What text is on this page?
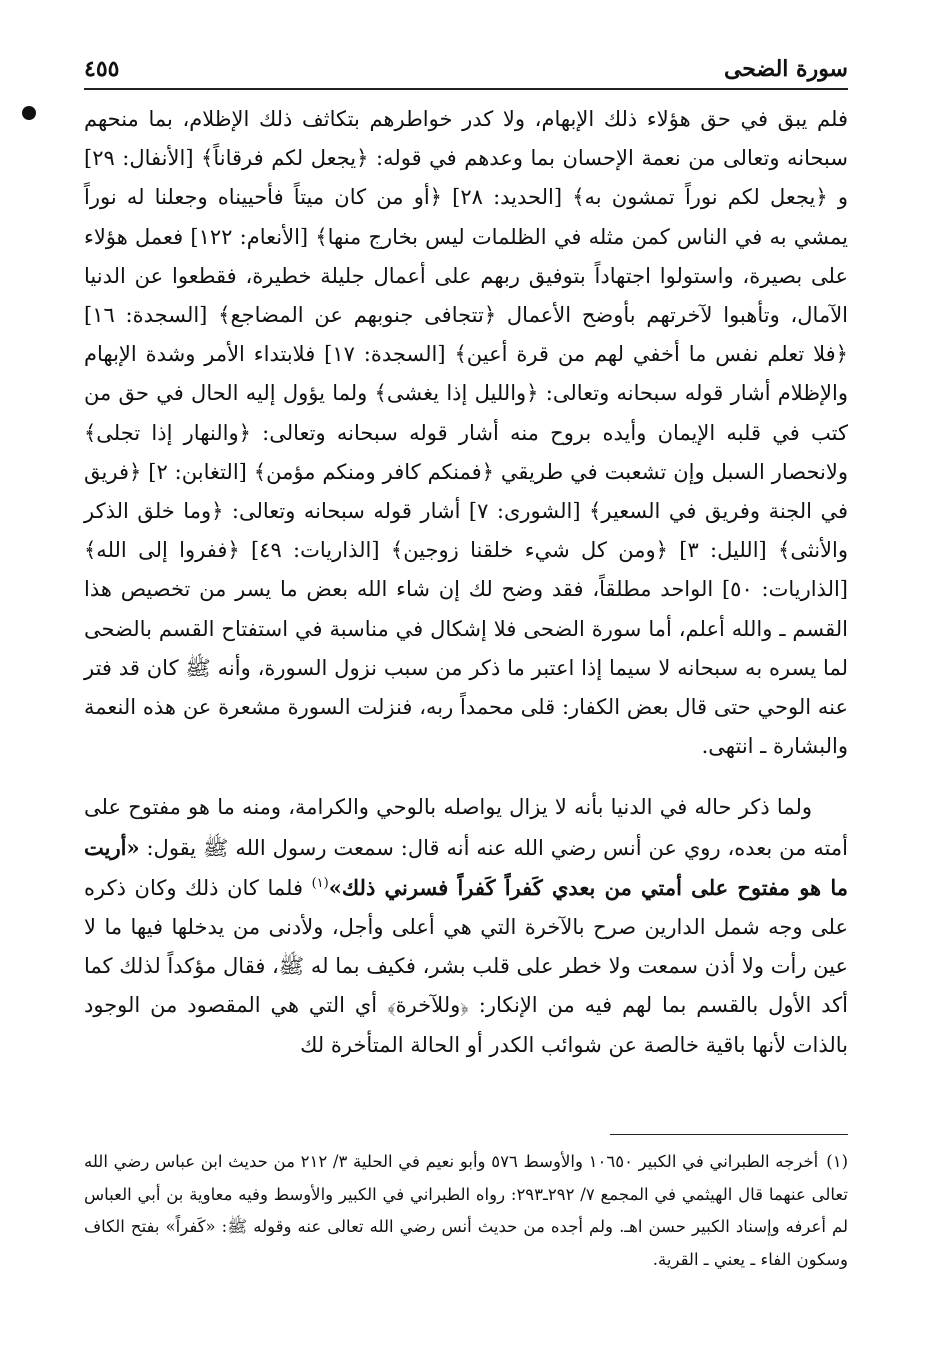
سورة الضحى
٤٥٥

فلم يبق في حق هؤلاء ذلك الإبهام، ولا كدر خواطرهم بتكاثف ذلك الإظلام، بما منحهم سبحانه وتعالى من نعمة الإحسان بما وعدهم في قوله: ﴿يجعل لكم فرقاناً﴾ [الأنفال: ٢٩] و ﴿يجعل لكم نوراً تمشون به﴾ [الحديد: ٢٨] ﴿أو من كان ميتاً فأحييناه وجعلنا له نوراً يمشي به في الناس كمن مثله في الظلمات ليس بخارج منها﴾ [الأنعام: ١٢٢] فعمل هؤلاء على بصيرة، واستولوا اجتهاداً بتوفيق ربهم على أعمال جليلة خطيرة، فقطعوا عن الدنيا الآمال، وتأهبوا لآخرتهم بأوضح الأعمال ﴿تتجافى جنوبهم عن المضاجع﴾ [السجدة: ١٦] ﴿فلا تعلم نفس ما أخفي لهم من قرة أعين﴾ [السجدة: ١٧] فلابتداء الأمر وشدة الإبهام والإظلام أشار قوله سبحانه وتعالى: ﴿والليل إذا يغشى﴾ ولما يؤول إليه الحال في حق من كتب في قلبه الإيمان وأيده بروح منه أشار قوله سبحانه وتعالى: ﴿والنهار إذا تجلى﴾ ولانحصار السبل وإن تشعبت في طريقي ﴿فمنكم كافر ومنكم مؤمن﴾ [التغابن: ٢] ﴿فريق في الجنة وفريق في السعير﴾ [الشورى: ٧] أشار قوله سبحانه وتعالى: ﴿وما خلق الذكر والأنثى﴾ [الليل: ٣] ﴿ومن كل شيء خلقنا زوجين﴾ [الذاريات: ٤٩] ﴿ففروا إلى الله﴾ [الذاريات: ٥٠] الواحد مطلقاً، فقد وضح لك إن شاء الله بعض ما يسر من تخصيص هذا القسم ـ والله أعلم، أما سورة الضحى فلا إشكال في مناسبة في استفتاح القسم بالضحى لما يسره به سبحانه لا سيما إذا اعتبر ما ذكر من سبب نزول السورة، وأنه ﷺ كان قد فتر عنه الوحي حتى قال بعض الكفار: قلى محمداً ربه، فنزلت السورة مشعرة عن هذه النعمة والبشارة ـ انتهى.

ولما ذكر حاله في الدنيا بأنه لا يزال يواصله بالوحي والكرامة، ومنه ما هو مفتوح على أمته من بعده، روي عن أنس رضي الله عنه أنه قال: سمعت رسول الله ﷺ يقول: «أريت ما هو مفتوح على أمتي من بعدي كَفراً كَفراً فسرني ذلك»$^{(١)}$ فلما كان ذلك وكان ذكره على وجه شمل الدارين صرح بالآخرة التي هي أعلى وأجل، ولأدنى من يدخلها فيها ما لا عين رأت ولا أذن سمعت ولا خطر على قلب بشر، فكيف بما له ﷺ، فقال مؤكداً لذلك كما أكد الأول بالقسم بما لهم فيه من الإنكار: ﴿وللآخرة﴾ أي التي هي المقصود من الوجود بالذات لأنها باقية خالصة عن شوائب الكدر أو الحالة المتأخرة لك

(١)أخرجه الطبراني في الكبير ١٠٦٥٠ والأوسط ٥٧٦ وأبو نعيم في الحلية ٣/ ٢١٢ من حديث ابن عباس رضي الله تعالى عنهما قال الهيثمي في المجمع ٧/ ٢٩٢ـ٢٩٣: رواه الطبراني في الكبير والأوسط وفيه معاوية بن أبي العباس لم أعرفه وإسناد الكبير حسن اهـ. ولم أجده من حديث أنس رضي الله تعالى عنه وقوله ﷺ: «كَفراً» بفتح الكاف وسكون الفاء ـ يعني ـ القرية.
